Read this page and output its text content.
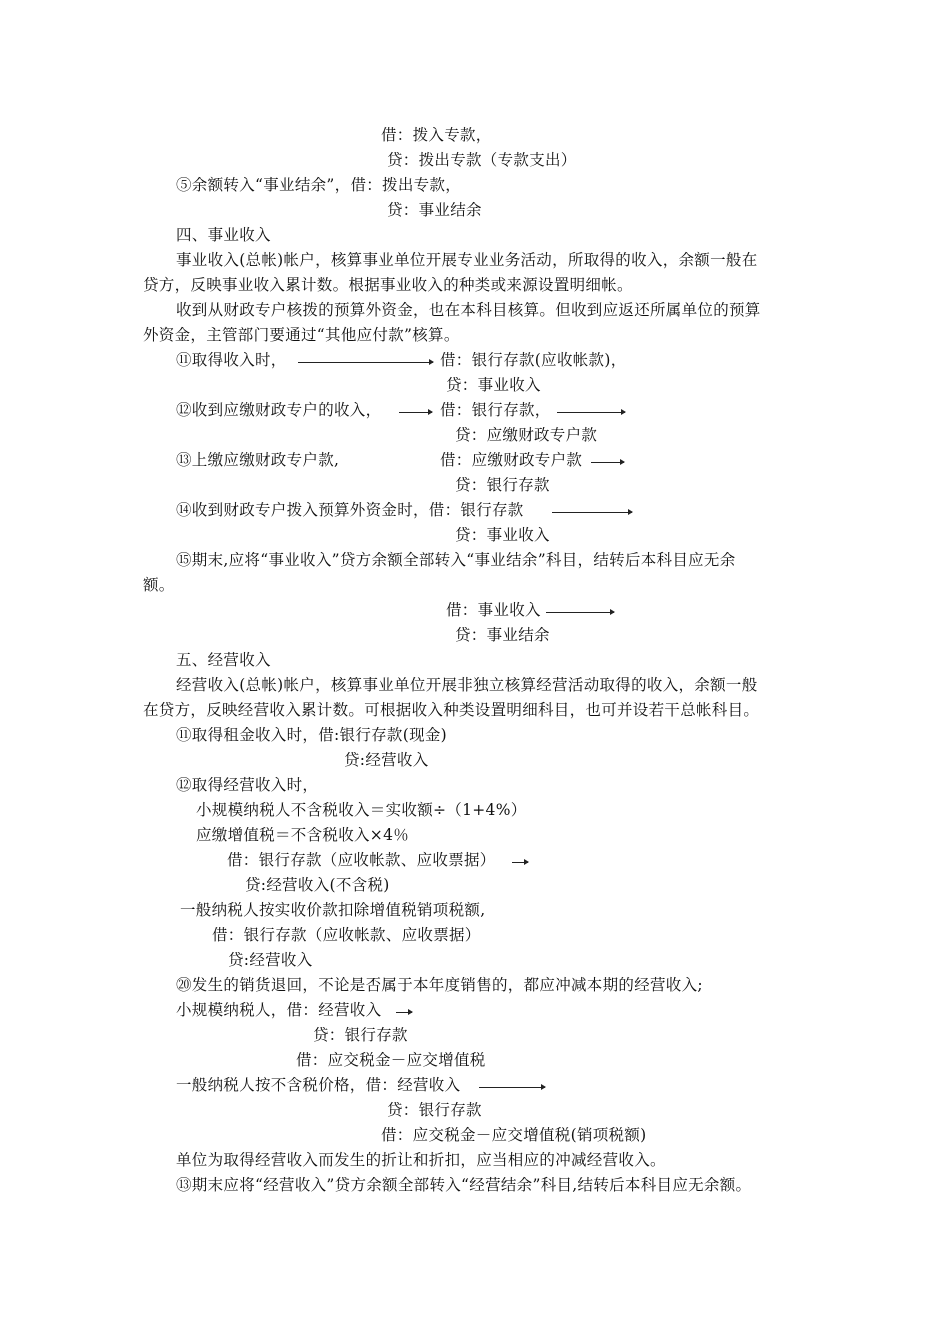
借：拨入专款，
贷：拨出专款（专款支出）
⑤余额转入“事业结余”，借：拨出专款，
贷：事业结余
四、事业收入
事业收入(总帐)帐户，核算事业单位开展专业业务活动，所取得的收入，余额一般在
贷方，反映事业收入累计数。根据事业收入的种类或来源设置明细帐。
收到从财政专户核拨的预算外资金，也在本科目核算。但收到应返还所属单位的预算
外资金，主管部门要通过“其他应付款”核算。
⑪取得收入时，	借：银行存款(应收帐款)，
贷：事业收入
⑫收到应缴财政专户的收入，	借：银行存款，
贷：应缴财政专户款
⑬上缴应缴财政专户款,	借：应缴财政专户款
贷：银行存款
⑭收到财政专户拨入预算外资金时，借：银行存款
贷：事业收入
⑮期末,应将“事业收入”贷方余额全部转入“事业结余”科目，结转后本科目应无余
额。
借：事业收入
贷：事业结余
五、经营收入
经营收入(总帐)帐户，核算事业单位开展非独立核算经营活动取得的收入，余额一般
在贷方，反映经营收入累计数。可根据收入种类设置明细科目，也可并设若干总帐科目。
⑪取得租金收入时，借:银行存款(现金)
贷:经营收入
⑫取得经营收入时，
小规模纳税人不含税收入＝实收额÷（1+4%）
应缴增值税＝不含税收入×4％
借：银行存款（应收帐款、应收票据）
贷:经营收入(不含税)
一般纳税人按实收价款扣除增值税销项税额,
借：银行存款（应收帐款、应收票据）
贷:经营收入
⑳发生的销货退回，不论是否属于本年度销售的，都应冲减本期的经营收入;
小规模纳税人，借：经营收入
贷：银行存款
借：应交税金－应交增值税
一般纳税人按不含税价格，借：经营收入
贷：银行存款
借：应交税金－应交增值税(销项税额)
单位为取得经营收入而发生的折让和折扣，应当相应的冲减经营收入。
⑬期末应将“经营收入”贷方余额全部转入“经营结余”科目,结转后本科目应无余额。
